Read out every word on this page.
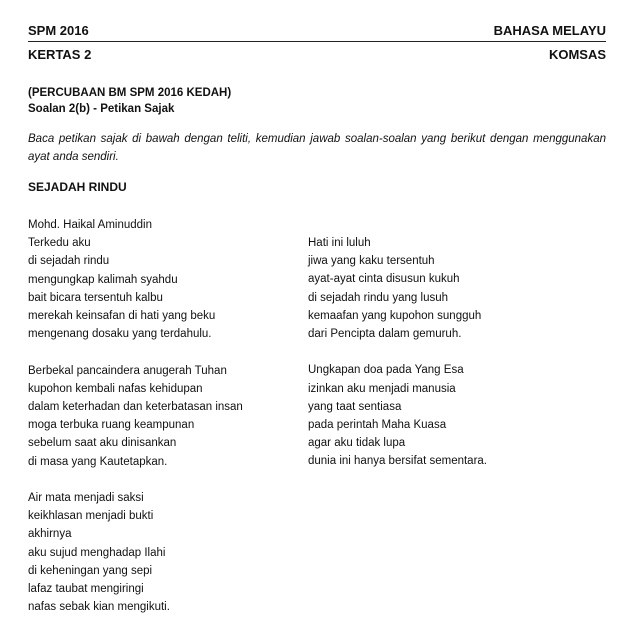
SPM 2016	BAHASA MELAYU
KERTAS 2	KOMSAS
(PERCUBAAN BM SPM 2016 KEDAH)
Soalan 2(b) - Petikan Sajak
Baca petikan sajak di bawah dengan teliti, kemudian jawab soalan-soalan yang berikut dengan menggunakan ayat anda sendiri.
SEJADAH RINDU
Mohd. Haikal Aminuddin
Terkedu aku
di sejadah rindu
mengungkap kalimah syahdu
bait bicara tersentuh kalbu
merekah keinsafan di hati yang beku
mengenang dosaku yang terdahulu.
Berbekal pancaindera anugerah Tuhan
kupohon kembali nafas kehidupan
dalam keterhadan dan keterbatasan insan
moga terbuka ruang keampunan
sebelum saat aku dinisankan
di masa yang Kautetapkan.
Air mata menjadi saksi
keikhlasan menjadi bukti
akhirnya
aku sujud menghadap Ilahi
di keheningan yang sepi
lafaz taubat mengiringi
nafas sebak kian mengikuti.
Hati ini luluh
jiwa yang kaku tersentuh
ayat-ayat cinta disusun kukuh
di sejadah rindu yang lusuh
kemaafan yang kupohon sungguh
dari Pencipta dalam gemuruh.
Ungkapan doa pada Yang Esa
izinkan aku menjadi manusia
yang taat sentiasa
pada perintah Maha Kuasa
agar aku tidak lupa
dunia ini hanya bersifat sementara.
